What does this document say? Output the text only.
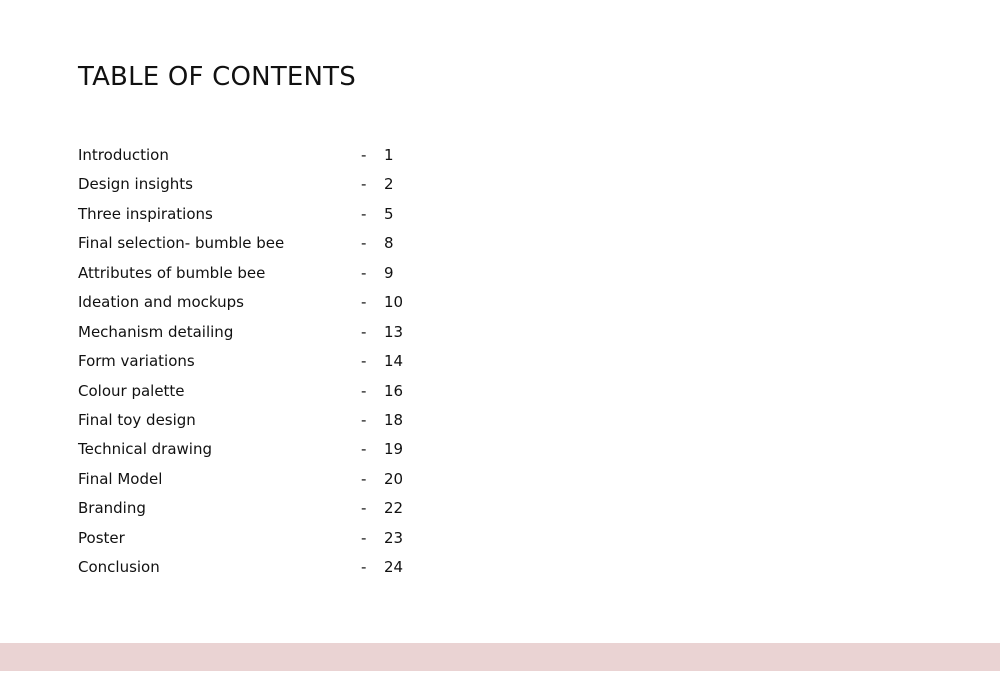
TABLE OF CONTENTS
Introduction	- 1
Design insights	- 2
Three inspirations	- 5
Final selection- bumble bee	- 8
Attributes of bumble bee	- 9
Ideation and mockups	- 10
Mechanism detailing	- 13
Form variations	- 14
Colour palette	- 16
Final toy design	- 18
Technical drawing	- 19
Final Model	- 20
Branding	- 22
Poster	- 23
Conclusion	- 24
